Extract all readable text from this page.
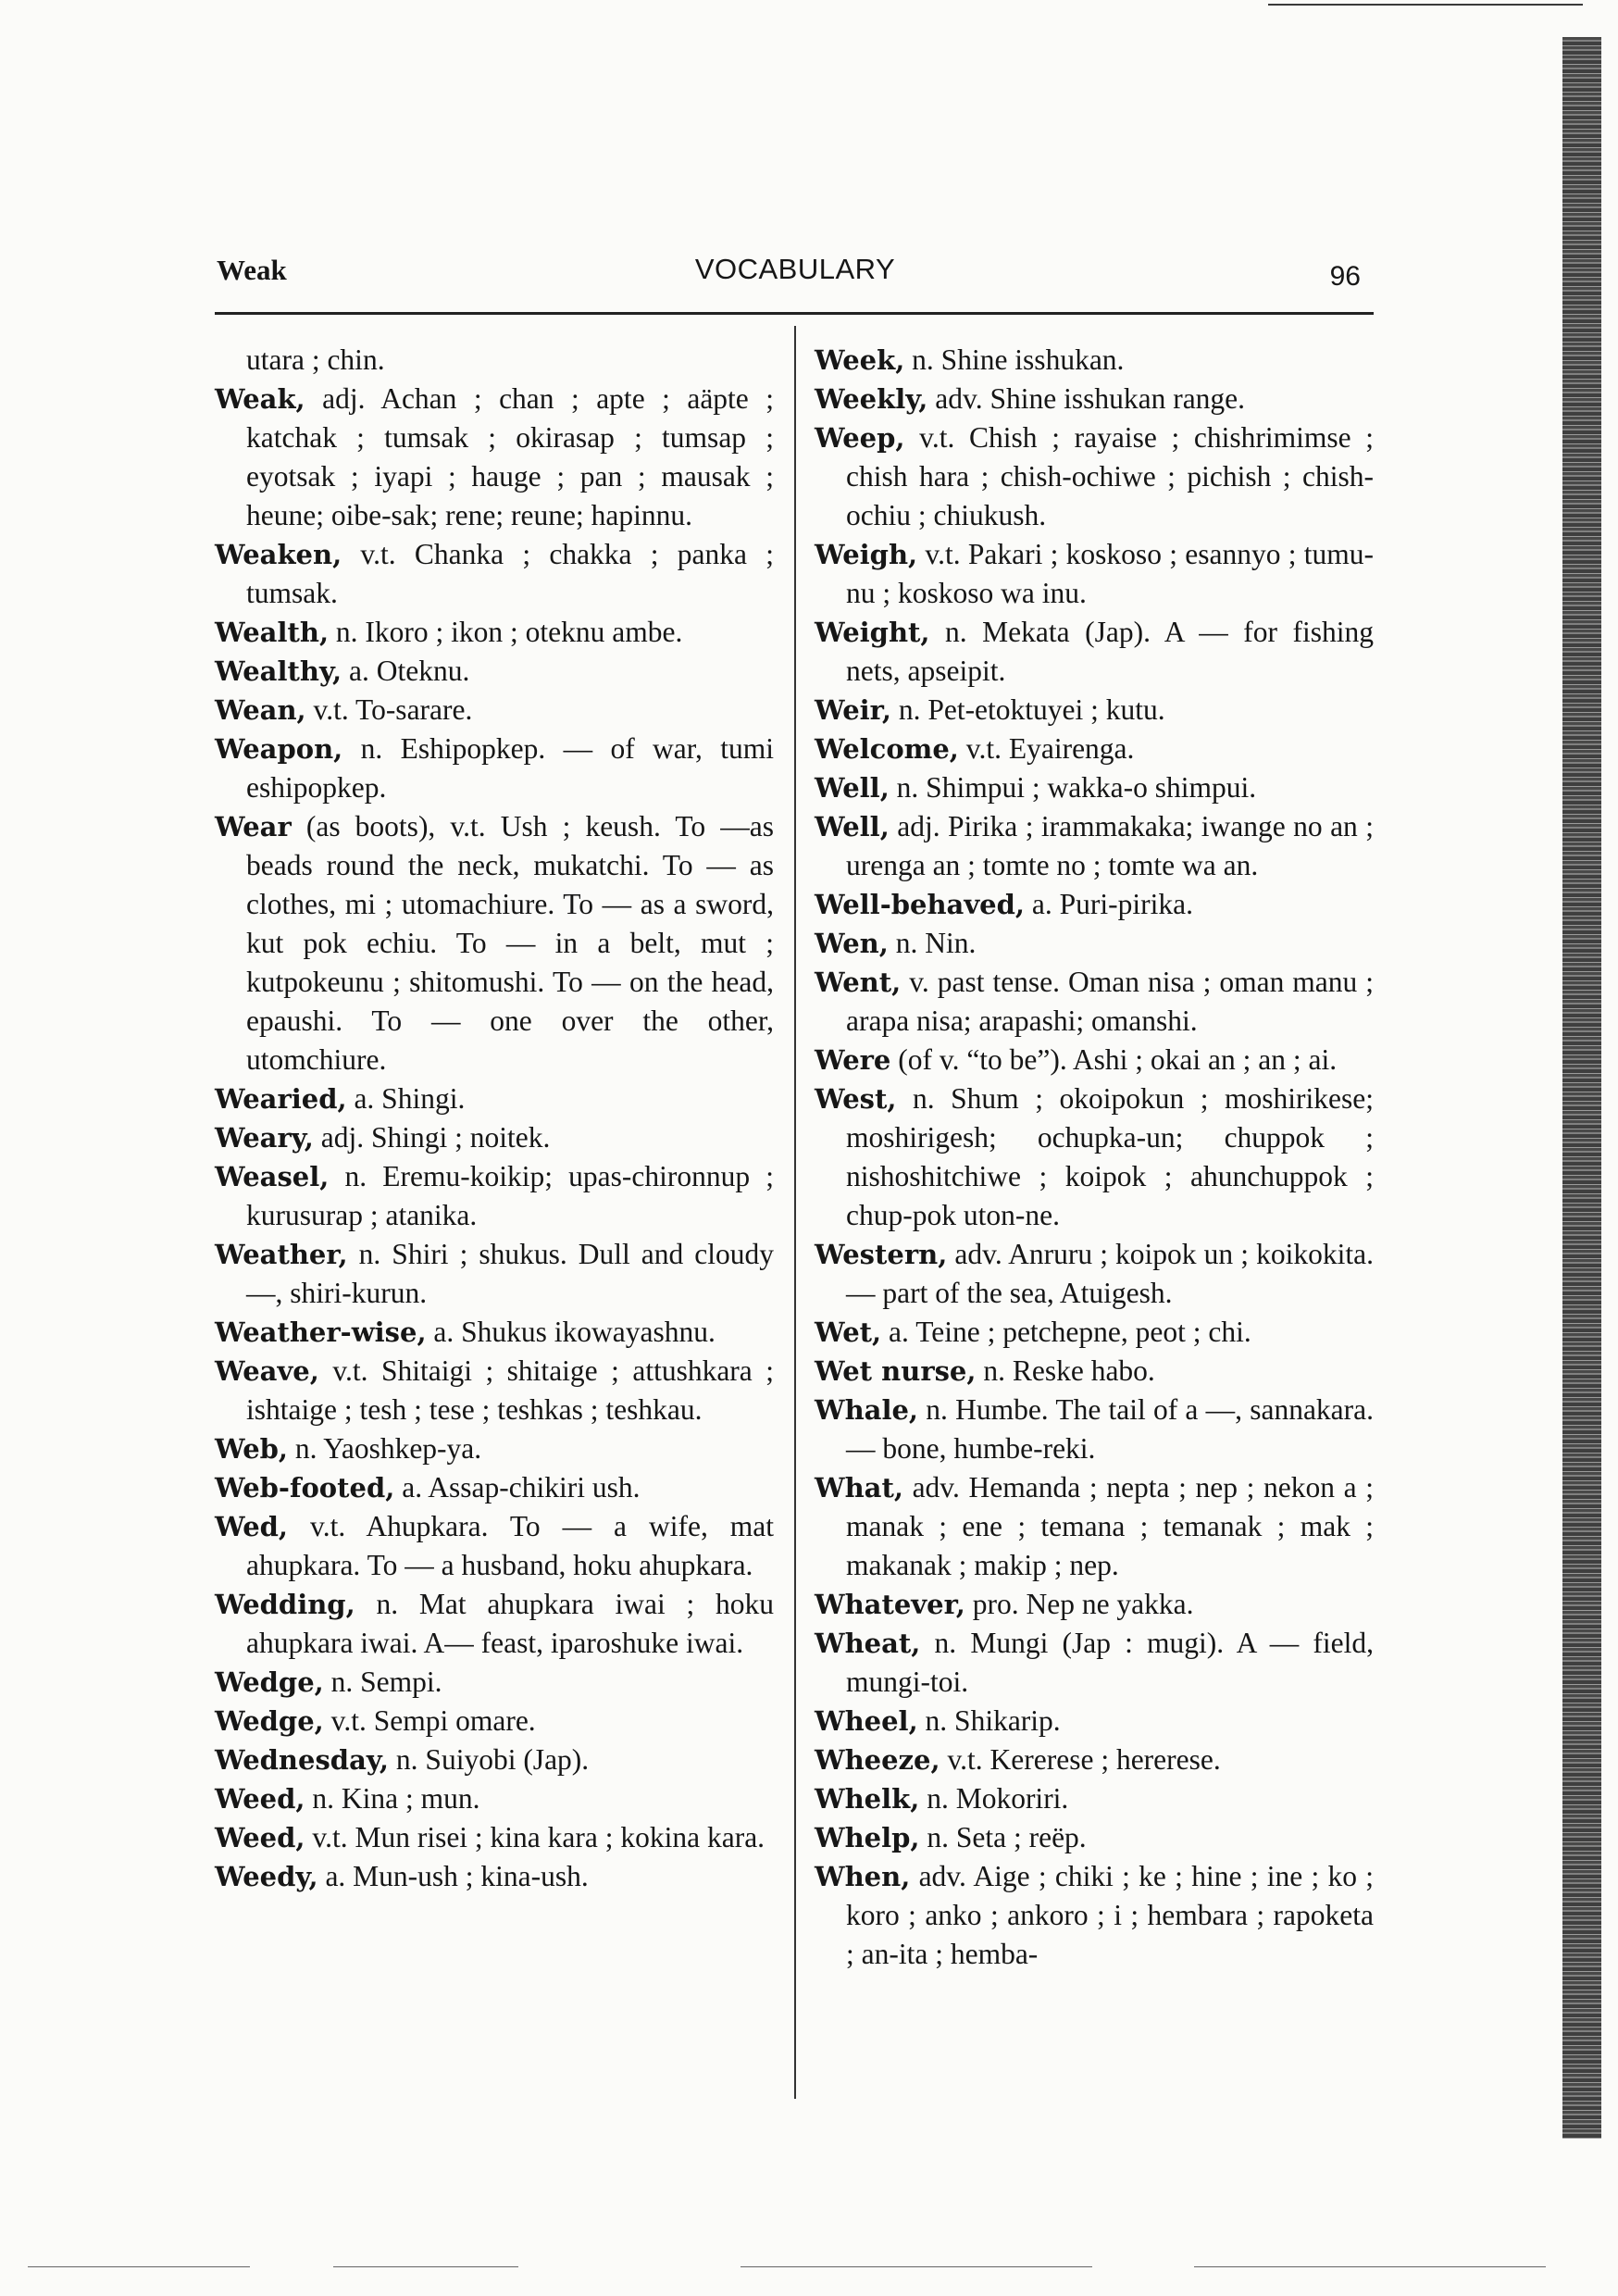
Weak	VOCABULARY	96
utara ; chin.
Weak, adj. Achan ; chan ; apte ; aäpte ; katchak ; tumsak ; okirasap ; tumsap ; eyotsak ; iyapi ; hauge ; pan ; mausak ; heune; oibe-sak; rene; reune; hapinnu.
Weaken, v.t. Chanka ; chakka ; panka ; tumsak.
Wealth, n. Ikoro ; ikon ; oteknu ambe.
Wealthy, a. Oteknu.
Wean, v.t. To-sarare.
Weapon, n. Eshipopkep. — of war, tumi eshipopkep.
Wear (as boots), v.t. Ush ; keush. To —as beads round the neck, mukatchi. To — as clothes, mi ; utomachiure. To — as a sword, kut pok echiu. To — in a belt, mut ; kutpokeunu ; shitomushi. To — on the head, epaushi. To — one over the other, utomchiure.
Wearied, a. Shingi.
Weary, adj. Shingi ; noitek.
Weasel, n. Eremu-koikip; upas-chironnup ; kurusurap ; atanika.
Weather, n. Shiri ; shukus. Dull and cloudy —, shiri-kurun.
Weather-wise, a. Shukus ikowayashnu.
Weave, v.t. Shitaigi ; shitaige ; attushkara ; ishtaige ; tesh ; tese ; teshkas ; teshkau.
Web, n. Yaoshkep-ya.
Web-footed, a. Assap-chikiri ush.
Wed, v.t. Ahupkara. To — a wife, mat ahupkara. To — a husband, hoku ahupkara.
Wedding, n. Mat ahupkara iwai ; hoku ahupkara iwai. A— feast, iparoshuke iwai.
Wedge, n. Sempi.
Wedge, v.t. Sempi omare.
Wednesday, n. Suiyobi (Jap).
Weed, n. Kina ; mun.
Weed, v.t. Mun risei ; kina kara ; kokina kara.
Weedy, a. Mun-ush ; kina-ush.
Week, n. Shine isshukan.
Weekly, adv. Shine isshukan range.
Weep, v.t. Chish ; rayaise ; chishrimimse ; chish hara ; chish-ochiwe ; pichish ; chish-ochiu ; chiukush.
Weigh, v.t. Pakari ; koskoso ; esannyo ; tumu-nu ; koskoso wa inu.
Weight, n. Mekata (Jap). A — for fishing nets, apseipit.
Weir, n. Pet-etoktuyei ; kutu.
Welcome, v.t. Eyairenga.
Well, n. Shimpui ; wakka-o shimpui.
Well, adj. Pirika ; irammakaka; iwange no an ; urenga an ; tomte no ; tomte wa an.
Well-behaved, a. Puri-pirika.
Wen, n. Nin.
Went, v. past tense. Oman nisa ; oman manu ; arapa nisa; arapashi; omanshi.
Were (of v. “to be”). Ashi ; okai an ; an ; ai.
West, n. Shum ; okoipokun ; moshirikese; moshirigesh; ochupka-un; chuppok ; nishoshitchiwe ; koipok ; ahunchuppok ; chup-pok uton-ne.
Western, adv. Anruru ; koipok un ; koikokita.— part of the sea, Atuigesh.
Wet, a. Teine ; petchepne, peot ; chi.
Wet nurse, n. Reske habo.
Whale, n. Humbe. The tail of a —, sannakara. — bone, humbe-reki.
What, adv. Hemanda ; nepta ; nep ; nekon a ; manak ; ene ; temana ; temanak ; mak ; makanak ; makip ; nep.
Whatever, pro. Nep ne yakka.
Wheat, n. Mungi (Jap : mugi). A — field, mungi-toi.
Wheel, n. Shikarip.
Wheeze, v.t. Kererese ; hererese.
Whelk, n. Mokoriri.
Whelp, n. Seta ; reëp.
When, adv. Aige ; chiki ; ke ; hine ; ine ; ko ; koro ; anko ; ankoro ; i ; hembara ; rapoketa ; an-ita ; hemba-
